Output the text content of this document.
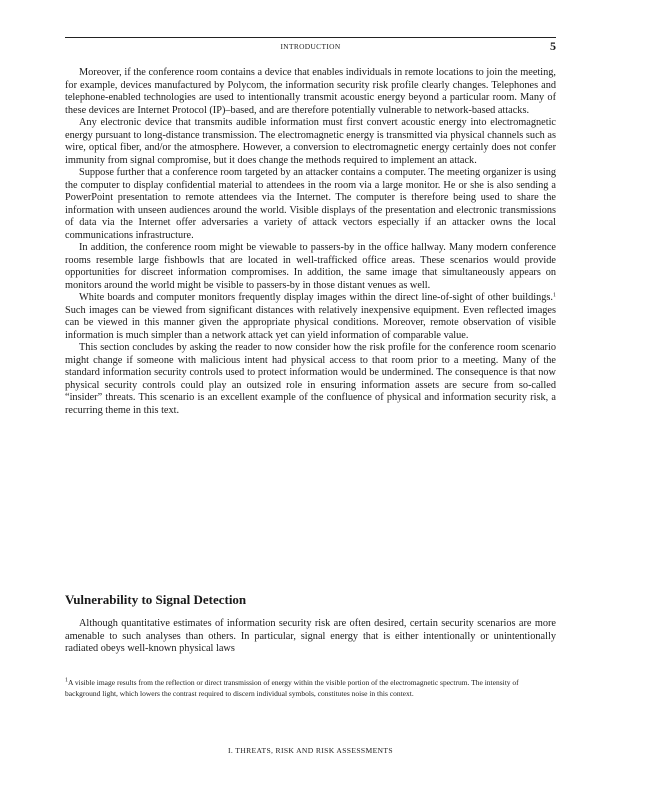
INTRODUCTION	5

Moreover, if the conference room contains a device that enables individuals in remote locations to join the meeting, for example, devices manufactured by Polycom, the information security risk profile clearly changes. Telephones and telephone-enabled technologies are used to intentionally transmit acoustic energy beyond a particular room. Many of these devices are Internet Protocol (IP)–based, and are therefore potentially vulnerable to network-based attacks.

Any electronic device that transmits audible information must first convert acoustic energy into electromagnetic energy pursuant to long-distance transmission. The electromagnetic energy is transmitted via physical channels such as wire, optical fiber, and/or the atmosphere. However, a conversion to electromagnetic energy certainly does not confer immunity from signal compromise, but it does change the methods required to implement an attack.

Suppose further that a conference room targeted by an attacker contains a computer. The meeting organizer is using the computer to display confidential material to attendees in the room via a large monitor. He or she is also sending a PowerPoint presentation to remote attendees via the Internet. The computer is therefore being used to share the information with unseen audiences around the world. Visible displays of the presentation and electronic transmissions of data via the Internet offer adversaries a variety of attack vectors especially if an attacker owns the local communications infrastructure.

In addition, the conference room might be viewable to passers-by in the office hallway. Many modern conference rooms resemble large fishbowls that are located in well-trafficked office areas. These scenarios would provide opportunities for discreet information compromises. In addition, the same image that simultaneously appears on monitors around the world might be visible to passers-by in those distant venues as well.

White boards and computer monitors frequently display images within the direct line-of-sight of other buildings.$^1$ Such images can be viewed from significant distances with relatively inexpensive equipment. Even reflected images can be viewed in this manner given the appropriate physical conditions. Moreover, remote observation of visible information is much simpler than a network attack yet can yield information of comparable value.

This section concludes by asking the reader to now consider how the risk profile for the conference room scenario might change if someone with malicious intent had physical access to that room prior to a meeting. Many of the standard information security controls used to protect information would be undermined. The consequence is that now physical security controls could play an outsized role in ensuring information assets are secure from so-called “insider” threats. This scenario is an excellent example of the confluence of physical and information security risk, a recurring theme in this text.

Vulnerability to Signal Detection

Although quantitative estimates of information security risk are often desired, certain security scenarios are more amenable to such analyses than others. In particular, signal energy that is either intentionally or unintentionally radiated obeys well-known physical laws

$^1$A visible image results from the reflection or direct transmission of energy within the visible portion of the electromagnetic spectrum. The intensity of background light, which lowers the contrast required to discern individual symbols, constitutes noise in this context.
I. THREATS, RISK AND RISK ASSESSMENTS
